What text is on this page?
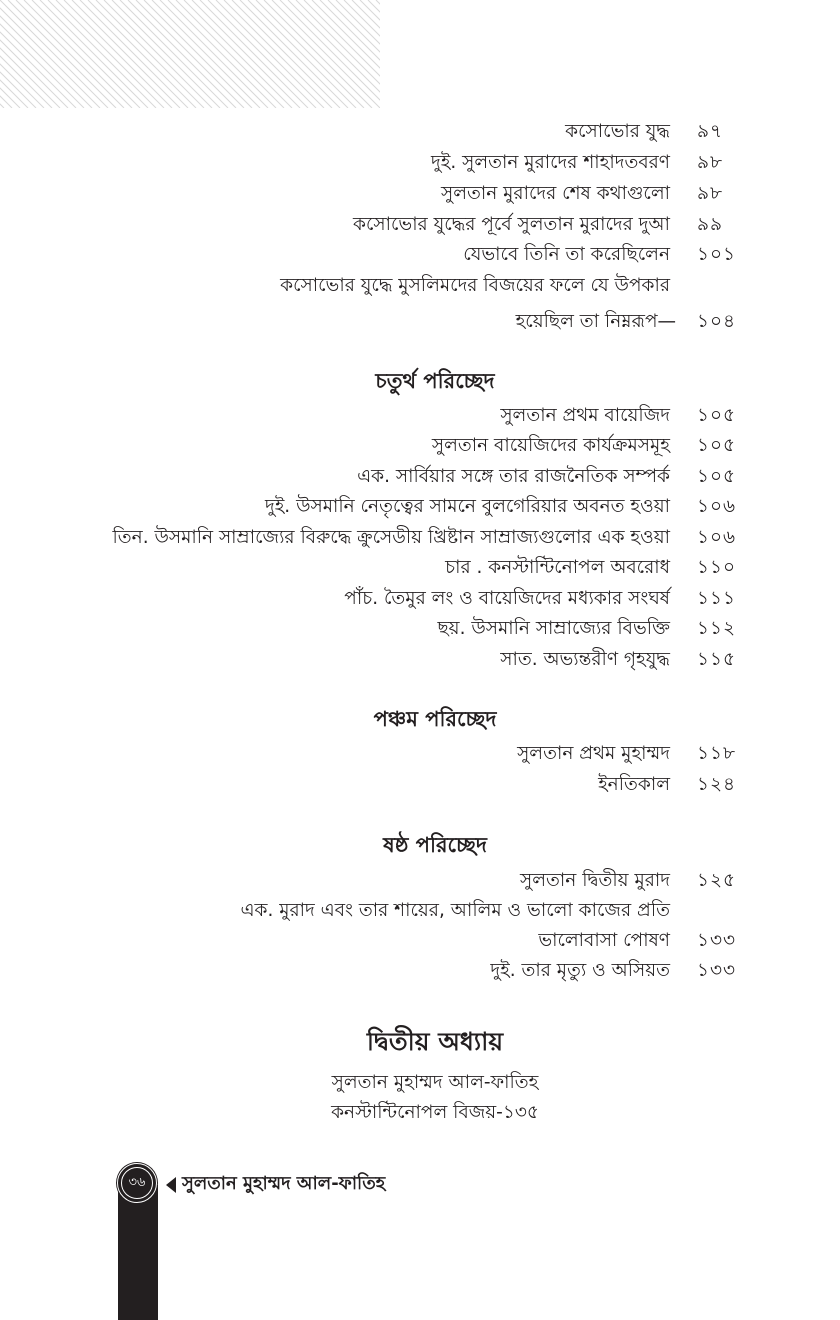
কসোভোর যুদ্ধ ৯৭
দুই. সুলতান মুরাদের শাহাদতবরণ ৯৮
সুলতান মুরাদের শেষ কথাগুলো ৯৮
কসোভোর যুদ্ধের পূর্বে সুলতান মুরাদের দুআ ৯৯
যেভাবে তিনি তা করেছিলেন ১০১
কসোভোর যুদ্ধে মুসলিমদের বিজয়ের ফলে যে উপকার
হয়েছিল তা নিম্নরূপ— ১০৪
চতুর্থ পরিচ্ছেদ
সুলতান প্রথম বায়েজিদ ১০৫
সুলতান বায়েজিদের কার্যক্রমসমূহ ১০৫
এক. সার্বিয়ার সঙ্গে তার রাজনৈতিক সম্পর্ক ১০৫
দুই. উসমানি নেতৃত্বের সামনে বুলগেরিয়ার অবনত হওয়া ১০৬
তিন. উসমানি সাম্রাজ্যের বিরুদ্ধে ক্রুসেডীয় খ্রিষ্টান সাম্রাজ্যগুলোর এক হওয়া ১০৬
চার . কনস্টান্টিনোপল অবরোধ ১১০
পাঁচ. তৈমুর লং ও বায়েজিদের মধ্যকার সংঘর্ষ ১১১
ছয়. উসমানি সাম্রাজ্যের বিভক্তি ১১২
সাত. অভ্যন্তরীণ গৃহযুদ্ধ ১১৫
পঞ্চম পরিচ্ছেদ
সুলতান প্রথম মুহাম্মদ ১১৮
ইনতিকাল ১২৪
ষষ্ঠ পরিচ্ছেদ
সুলতান দ্বিতীয় মুরাদ ১২৫
এক. মুরাদ এবং তার শায়ের, আলিম ও ভালো কাজের প্রতি
ভালোবাসা পোষণ ১৩৩
দুই. তার মৃত্যু ও অসিয়ত ১৩৩
দ্বিতীয় অধ্যায়
সুলতান মুহাম্মদ আল-ফাতিহ
কনস্টান্টিনোপল বিজয়-১৩৫
৩৬	সুলতান মুহাম্মদ আল-ফাতিহ
